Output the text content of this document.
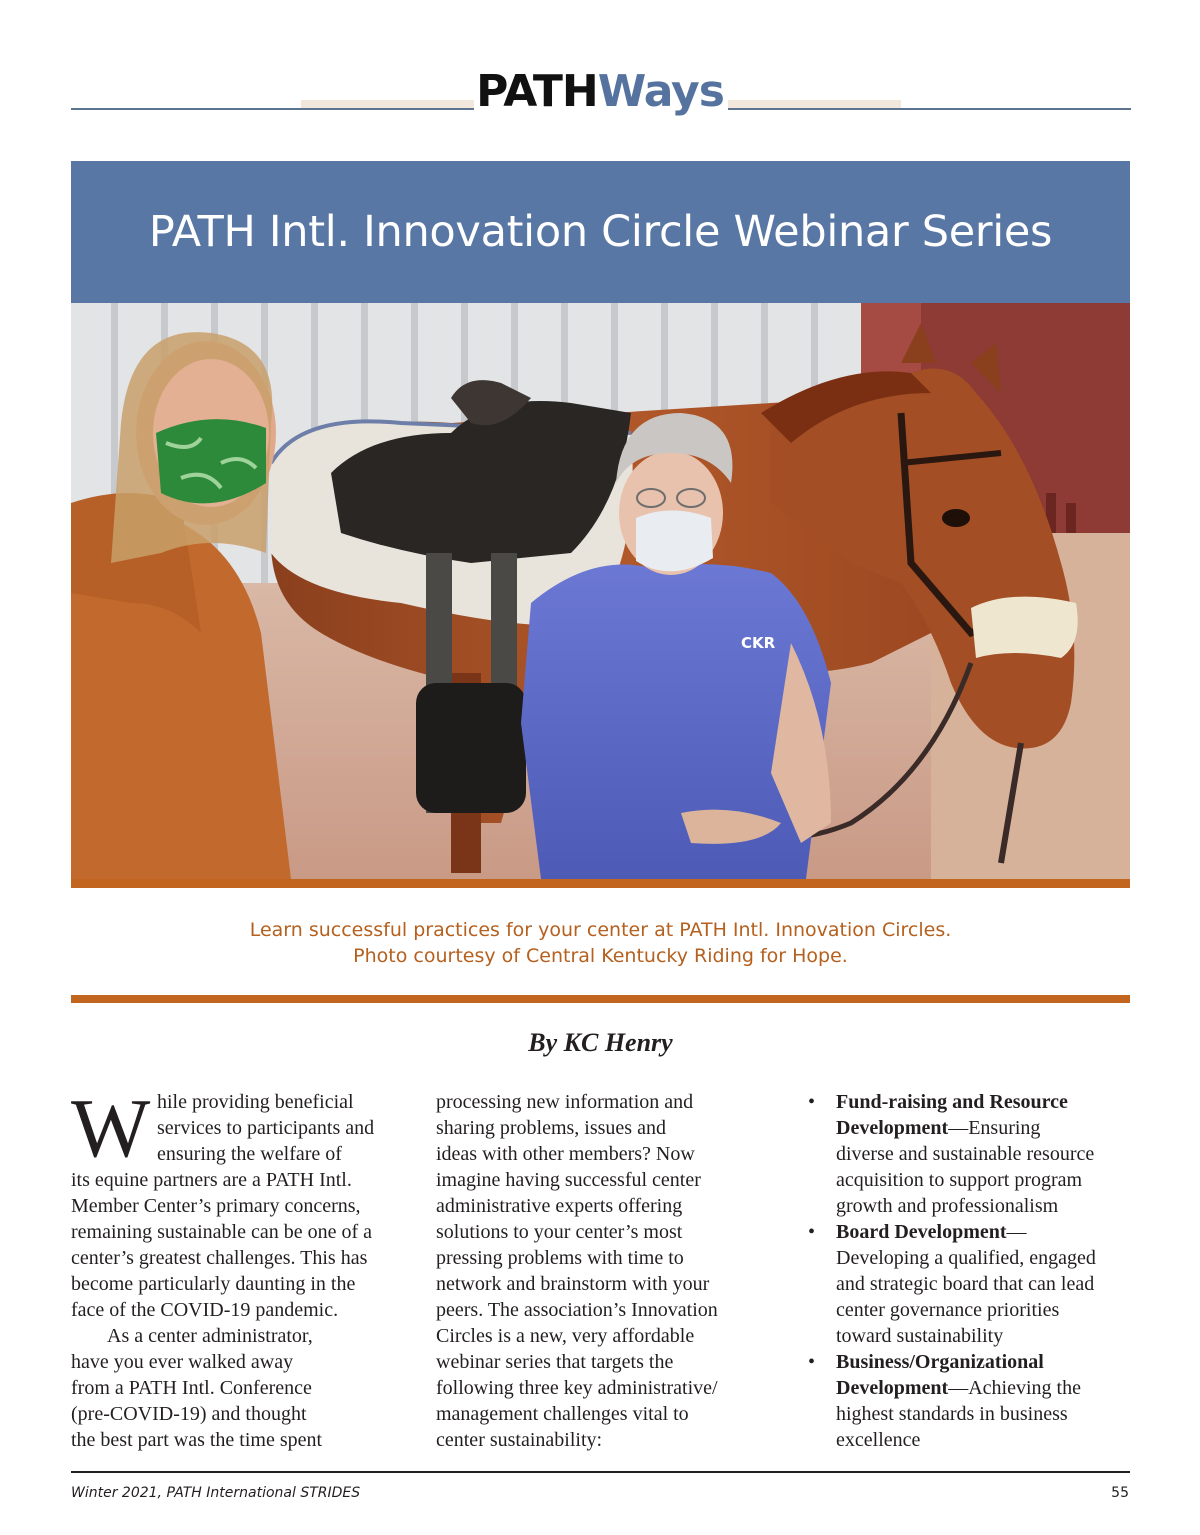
PATHWays
PATH Intl. Innovation Circle Webinar Series
CKR
Learn successful practices for your center at PATH Intl. Innovation Circles.
Photo courtesy of Central Kentucky Riding for Hope.
By KC Henry
W hile providing beneficial
services to participants and
ensuring the welfare of
its equine partners are a PATH Intl.
Member Center’s primary concerns,
remaining sustainable can be one of a
center’s greatest challenges. This has
become particularly daunting in the
face of the COVID-19 pandemic.
As a center administrator,
have you ever walked away
from a PATH Intl. Conference
(pre-COVID-19) and thought
the best part was the time spent
processing new information and
sharing problems, issues and
ideas with other members? Now
imagine having successful center
administrative experts offering
solutions to your center’s most
pressing problems with time to
network and brainstorm with your
peers. The association’s Innovation
Circles is a new, very affordable
webinar series that targets the
following three key administrative/
management challenges vital to
center sustainability:
• Fund-raising and Resource
Development—Ensuring
diverse and sustainable resource
acquisition to support program
growth and professionalism
• Board Development—
Developing a qualified, engaged
and strategic board that can lead
center governance priorities
toward sustainability
• Business/Organizational
Development—Achieving the
highest standards in business
excellence
Winter 2021, PATH International STRIDES	55
